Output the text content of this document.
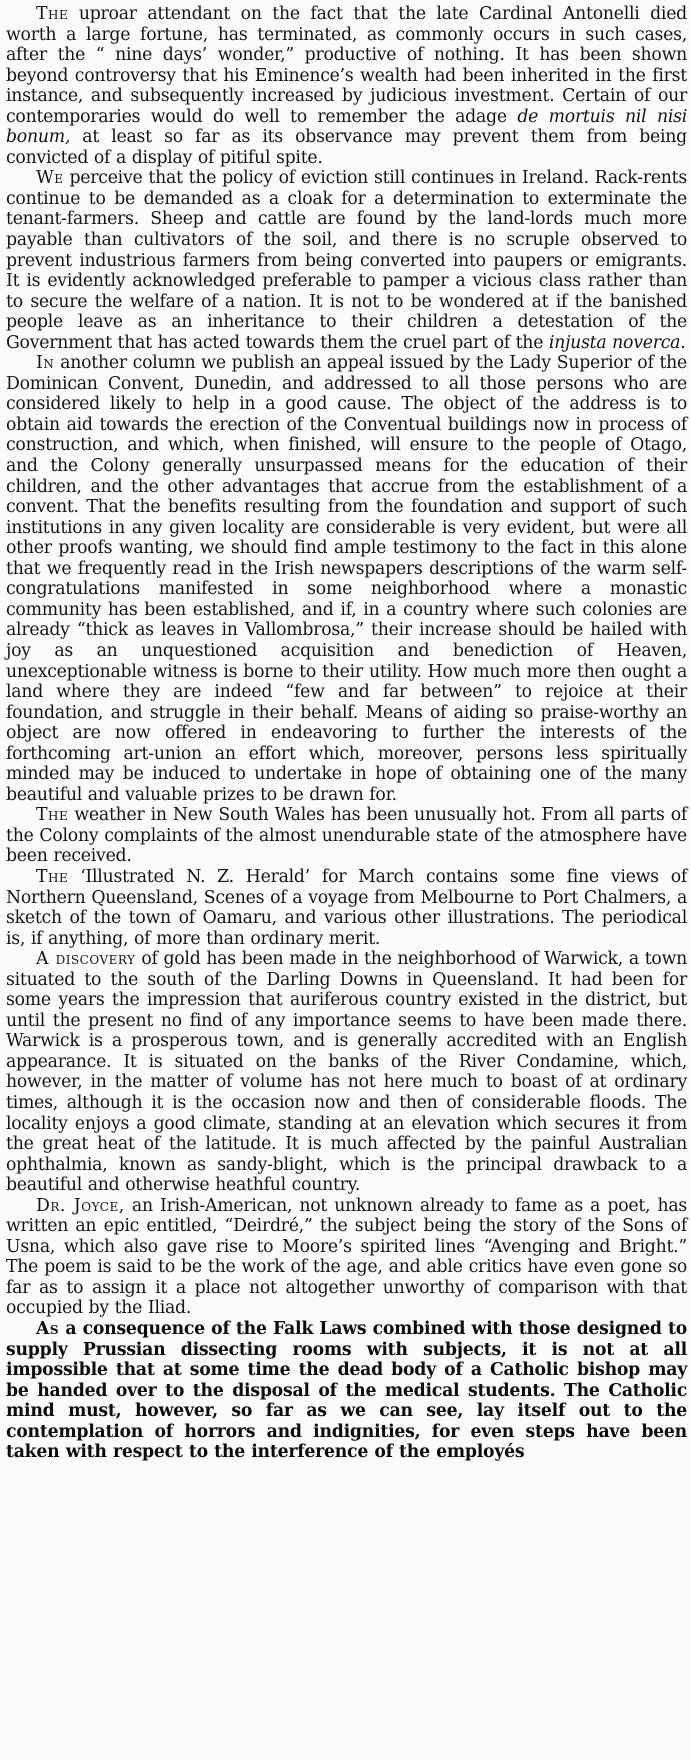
The uproar attendant on the fact that the late Cardinal Antonelli died worth a large fortune, has terminated, as commonly occurs in such cases, after the “ nine days’ wonder,” productive of nothing. It has been shown beyond controversy that his Eminence’s wealth had been inherited in the first instance, and subsequently increased by judicious investment. Certain of our contemporaries would do well to remember the adage de mortuis nil nisi bonum, at least so far as its observance may prevent them from being convicted of a display of pitiful spite.

We perceive that the policy of eviction still continues in Ireland. Rack-rents continue to be demanded as a cloak for a determination to exterminate the tenant-farmers. Sheep and cattle are found by the land-lords much more payable than cultivators of the soil, and there is no scruple observed to prevent industrious farmers from being converted into paupers or emigrants. It is evidently acknowledged preferable to pamper a vicious class rather than to secure the welfare of a nation. It is not to be wondered at if the banished people leave as an inheritance to their children a detestation of the Government that has acted towards them the cruel part of the injusta noverca.

In another column we publish an appeal issued by the Lady Superior of the Dominican Convent, Dunedin, and addressed to all those persons who are considered likely to help in a good cause. The object of the address is to obtain aid towards the erection of the Conventual buildings now in process of construction, and which, when finished, will ensure to the people of Otago, and the Colony generally unsurpassed means for the education of their children, and the other advantages that accrue from the establishment of a convent. That the benefits resulting from the foundation and support of such institutions in any given locality are considerable is very evident, but were all other proofs wanting, we should find ample testimony to the fact in this alone that we frequently read in the Irish newspapers descriptions of the warm self-congratulations manifested in some neighborhood where a monastic community has been established, and if, in a country where such colonies are already “thick as leaves in Vallombrosa,” their increase should be hailed with joy as an unquestioned acquisition and benediction of Heaven, unexceptionable witness is borne to their utility. How much more then ought a land where they are indeed “few and far between” to rejoice at their foundation, and struggle in their behalf. Means of aiding so praise-worthy an object are now offered in endeavoring to further the interests of the forthcoming art-union an effort which, moreover, persons less spiritually minded may be induced to undertake in hope of obtaining one of the many beautiful and valuable prizes to be drawn for.

The weather in New South Wales has been unusually hot. From all parts of the Colony complaints of the almost unendurable state of the atmosphere have been received.

The ‘Illustrated N. Z. Herald’ for March contains some fine views of Northern Queensland, Scenes of a voyage from Melbourne to Port Chalmers, a sketch of the town of Oamaru, and various other illustrations. The periodical is, if anything, of more than ordinary merit.

A discovery of gold has been made in the neighborhood of Warwick, a town situated to the south of the Darling Downs in Queensland. It had been for some years the impression that auriferous country existed in the district, but until the present no find of any importance seems to have been made there. Warwick is a prosperous town, and is generally accredited with an English appearance. It is situated on the banks of the River Condamine, which, however, in the matter of volume has not here much to boast of at ordinary times, although it is the occasion now and then of considerable floods. The locality enjoys a good climate, standing at an elevation which secures it from the great heat of the latitude. It is much affected by the painful Australian ophthalmia, known as sandy-blight, which is the principal drawback to a beautiful and otherwise heathful country.

Dr. Joyce, an Irish-American, not unknown already to fame as a poet, has written an epic entitled, “Deirdré,” the subject being the story of the Sons of Usna, which also gave rise to Moore’s spirited lines “Avenging and Bright.” The poem is said to be the work of the age, and able critics have even gone so far as to assign it a place not altogether unworthy of comparison with that occupied by the Iliad.

As a consequence of the Falk Laws combined with those designed to supply Prussian dissecting rooms with subjects, it is not at all impossible that at some time the dead body of a Catholic bishop may be handed over to the disposal of the medical students. The Catholic mind must, however, so far as we can see, lay itself out to the contemplation of horrors and indignities, for even steps have been taken with respect to the interference of the employés
